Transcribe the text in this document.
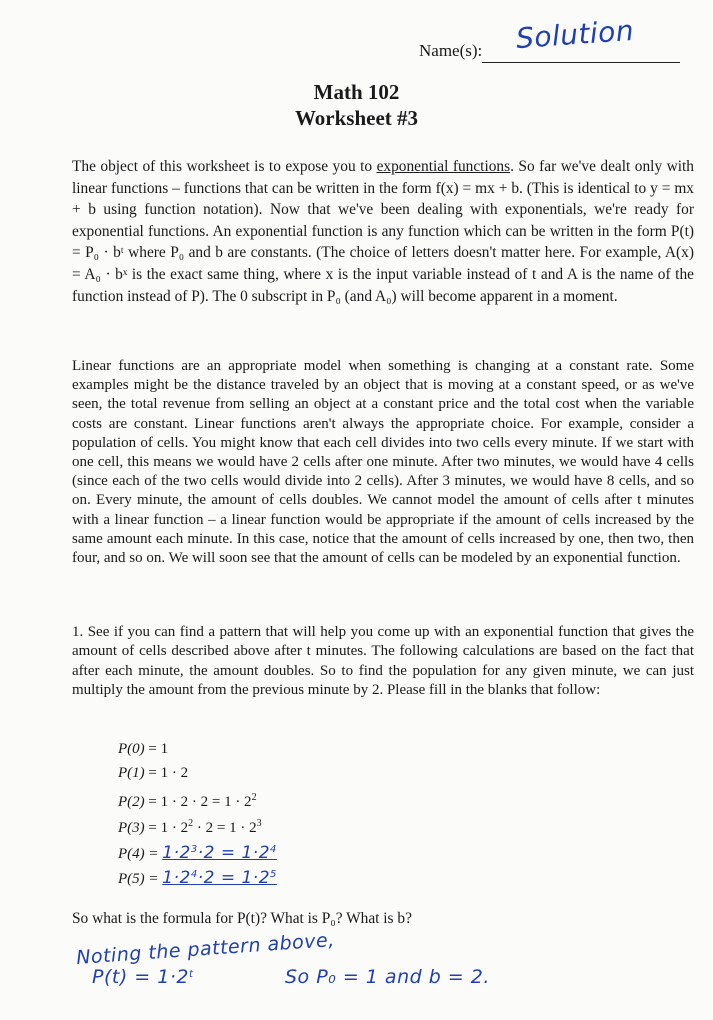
Name(s): Solution
Math 102
Worksheet #3

The object of this worksheet is to expose you to exponential functions. So far we've dealt only with linear functions – functions that can be written in the form f(x) = mx + b. (This is identical to y = mx + b using function notation). Now that we've been dealing with exponentials, we're ready for exponential functions. An exponential function is any function which can be written in the form P(t) = P₀ · bᵗ where P₀ and b are constants. (The choice of letters doesn't matter here. For example, A(x) = A₀ · bˣ is the exact same thing, where x is the input variable instead of t and A is the name of the function instead of P). The 0 subscript in P₀ (and A₀) will become apparent in a moment.

Linear functions are an appropriate model when something is changing at a constant rate. Some examples might be the distance traveled by an object that is moving at a constant speed, or as we've seen, the total revenue from selling an object at a constant price and the total cost when the variable costs are constant. Linear functions aren't always the appropriate choice. For example, consider a population of cells. You might know that each cell divides into two cells every minute. If we start with one cell, this means we would have 2 cells after one minute. After two minutes, we would have 4 cells (since each of the two cells would divide into 2 cells). After 3 minutes, we would have 8 cells, and so on. Every minute, the amount of cells doubles. We cannot model the amount of cells after t minutes with a linear function – a linear function would be appropriate if the amount of cells increased by the same amount each minute. In this case, notice that the amount of cells increased by one, then two, then four, and so on. We will soon see that the amount of cells can be modeled by an exponential function.

1. See if you can find a pattern that will help you come up with an exponential function that gives the amount of cells described above after t minutes. The following calculations are based on the fact that after each minute, the amount doubles. So to find the population for any given minute, we can just multiply the amount from the previous minute by 2. Please fill in the blanks that follow:

P(0) = 1
P(1) = 1 · 2
$P(2) = 1 \cdot 2 \cdot 2 = 1 \cdot 2^2$
$P(3) = 1 \cdot 2^2 \cdot 2 = 1 \cdot 2^3$
$P(4) = 1\cdot 2^3\cdot 2 = 1\cdot 2^4$
$P(5) = 1\cdot 2^4\cdot 2 = 1\cdot 2^5$
So what is the formula for P(t)? What is P₀? What is b?
Noting the pattern above,
$P(t) = 1\cdot 2^t$	So P₀ = 1 and b = 2.
